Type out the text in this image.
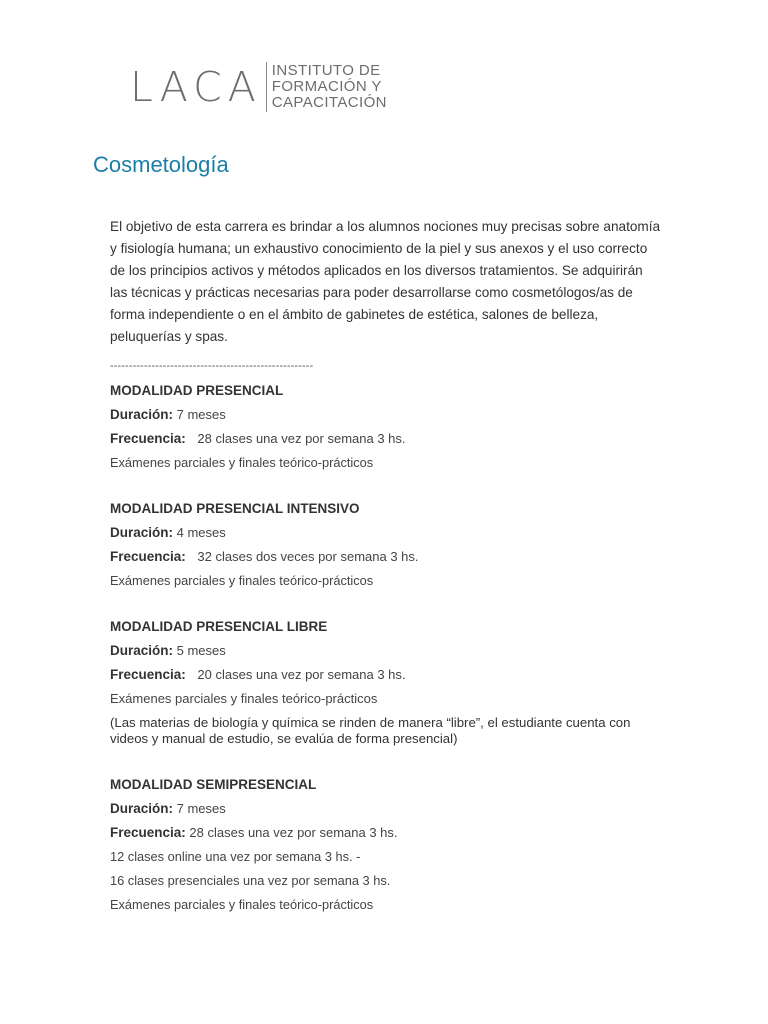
LACA INSTITUTO DE
FORMACIÓN Y
CAPACITACIÓN
Cosmetología

El objetivo de esta carrera es brindar a los alumnos nociones muy precisas sobre anatomía

y fisiología humana; un exhaustivo conocimiento de la piel y sus anexos y el uso correcto

de los principios activos y métodos aplicados en los diversos tratamientos. Se adquirirán

las técnicas y prácticas necesarias para poder desarrollarse como cosmetólogos/as de

forma independiente o en el ámbito de gabinetes de estética, salones de belleza,

peluquerías y spas.

------------------------------------------------------
MODALIDAD PRESENCIAL
Duración: 7 meses
Frecuencia: 28 clases una vez por semana 3 hs.
Exámenes parciales y finales teórico-prácticos
MODALIDAD PRESENCIAL INTENSIVO
Duración: 4 meses
Frecuencia: 32 clases dos veces por semana 3 hs.
Exámenes parciales y finales teórico-prácticos
MODALIDAD PRESENCIAL LIBRE
Duración: 5 meses
Frecuencia: 20 clases una vez por semana 3 hs.
Exámenes parciales y finales teórico-prácticos
(Las materias de biología y química se rinden de manera “libre”, el estudiante cuenta con videos y manual de estudio, se evalúa de forma presencial)
MODALIDAD SEMIPRESENCIAL
Duración: 7 meses
Frecuencia: 28 clases una vez por semana 3 hs.
12 clases online una vez por semana 3 hs. -
16 clases presenciales una vez por semana 3 hs.
Exámenes parciales y finales teórico-prácticos
